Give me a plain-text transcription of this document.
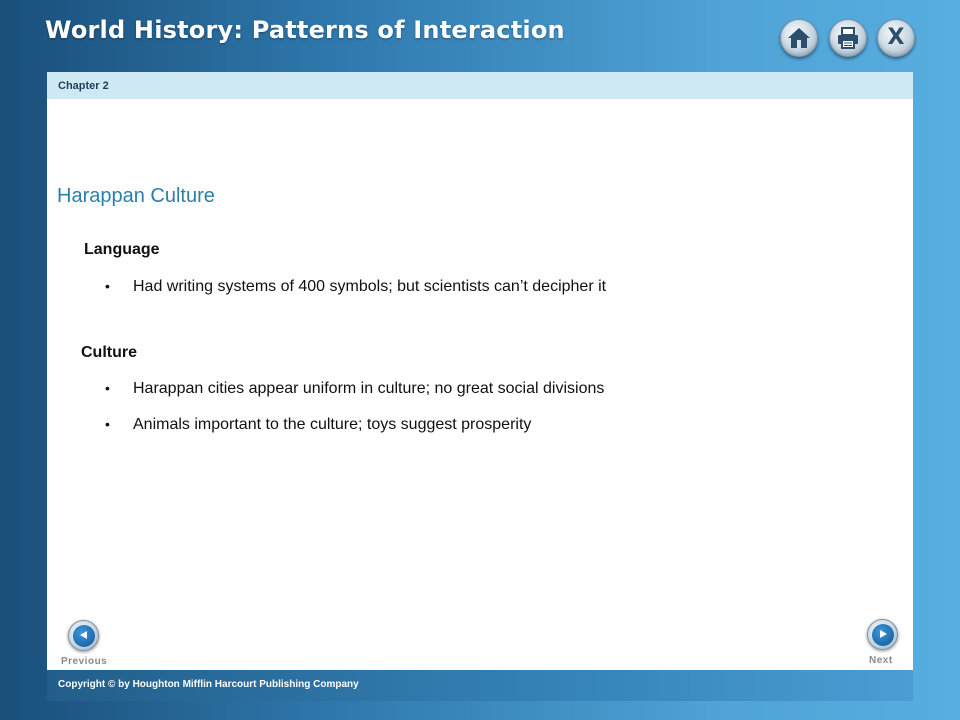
World History: Patterns of Interaction	X
Chapter 2
Harappan Culture
Language
•	Had writing systems of 400 symbols; but scientists can’t decipher it
Culture
•	Harappan cities appear uniform in culture; no great social divisions
•	Animals important to the culture; toys suggest prosperity
Previous	Next
Copyright © by Houghton Mifflin Harcourt Publishing Company
